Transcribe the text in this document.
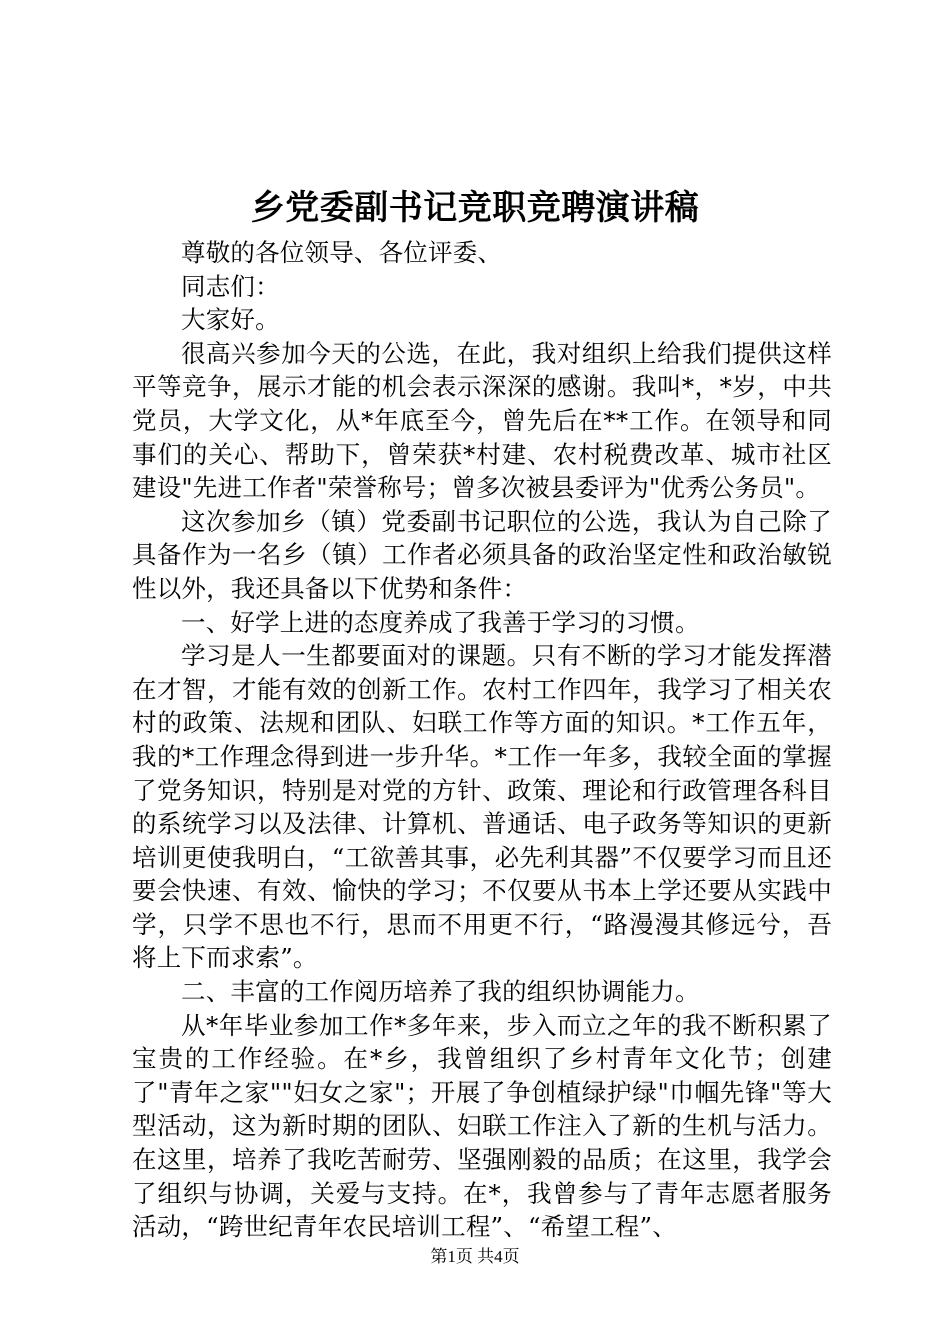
乡党委副书记竞职竞聘演讲稿

尊敬的各位领导、各位评委、

同志们：

大家好。

很高兴参加今天的公选，在此，我对组织上给我们提供这样平等竞争，展示才能的机会表示深深的感谢。我叫*，*岁，中共党员，大学文化，从*年底至今，曾先后在**工作。在领导和同事们的关心、帮助下，曾荣获*村建、农村税费改革、城市社区建设"先进工作者"荣誉称号；曾多次被县委评为"优秀公务员"。

这次参加乡（镇）党委副书记职位的公选，我认为自己除了具备作为一名乡（镇）工作者必须具备的政治坚定性和政治敏锐性以外，我还具备以下优势和条件：

一、好学上进的态度养成了我善于学习的习惯。

学习是人一生都要面对的课题。只有不断的学习才能发挥潜在才智，才能有效的创新工作。农村工作四年，我学习了相关农村的政策、法规和团队、妇联工作等方面的知识。*工作五年，我的*工作理念得到进一步升华。*工作一年多，我较全面的掌握了党务知识，特别是对党的方针、政策、理论和行政管理各科目的系统学习以及法律、计算机、普通话、电子政务等知识的更新培训更使我明白，“工欲善其事，必先利其器”不仅要学习而且还要会快速、有效、愉快的学习；不仅要从书本上学还要从实践中学，只学不思也不行，思而不用更不行，“路漫漫其修远兮，吾将上下而求索”。

二、丰富的工作阅历培养了我的组织协调能力。

从*年毕业参加工作*多年来，步入而立之年的我不断积累了宝贵的工作经验。在*乡，我曾组织了乡村青年文化节；创建了"青年之家""妇女之家"；开展了争创植绿护绿"巾帼先锋"等大型活动，这为新时期的团队、妇联工作注入了新的生机与活力。在这里，培养了我吃苦耐劳、坚强刚毅的品质；在这里，我学会了组织与协调，关爱与支持。在*，我曾参与了青年志愿者服务活动，“跨世纪青年农民培训工程”、“希望工程”、

第1页 共4页
